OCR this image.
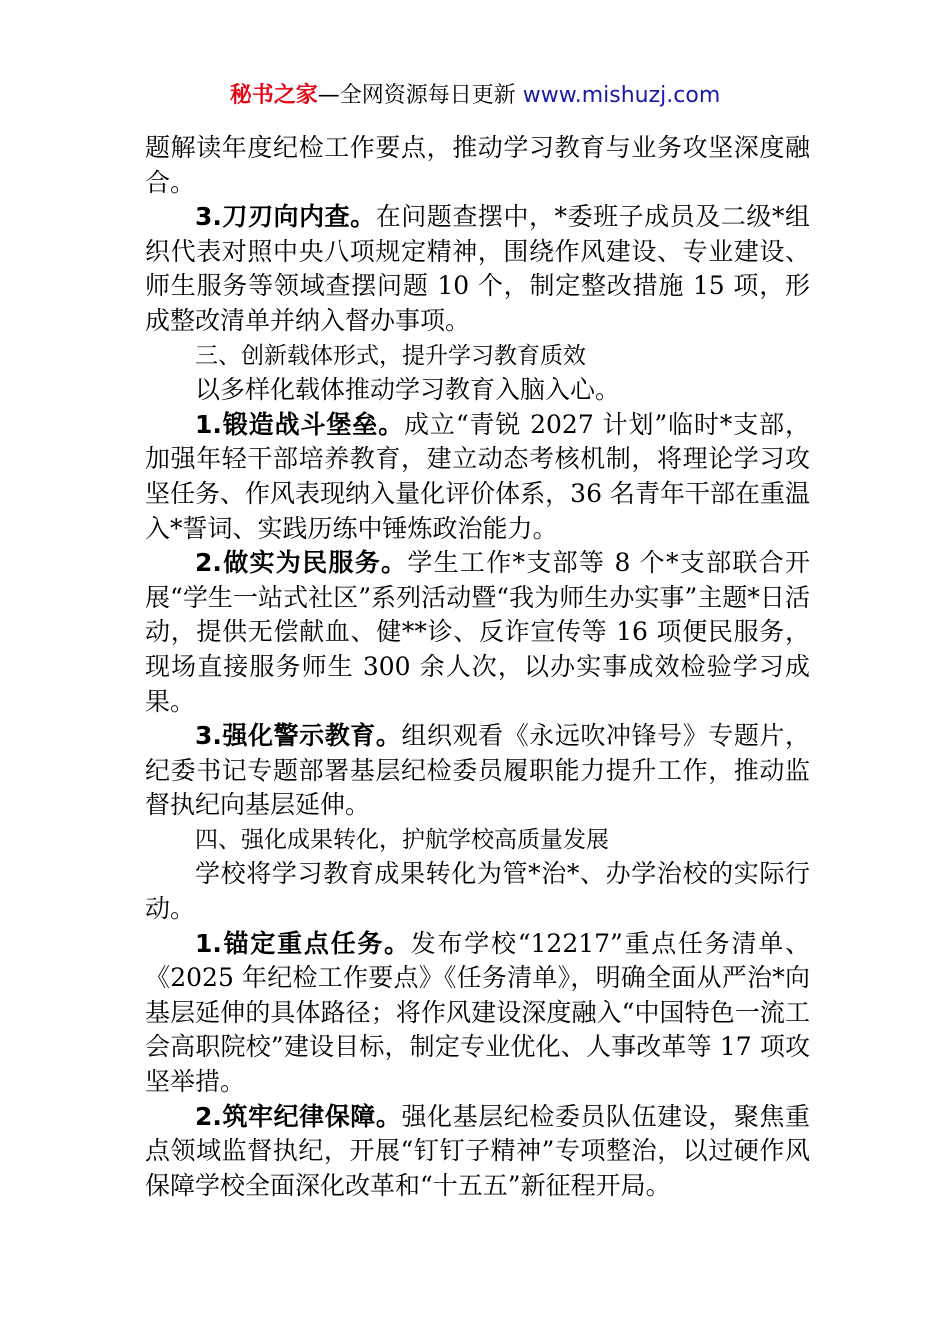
秘书之家—全网资源每日更新 www.mishuzj.com

题解读年度纪检工作要点，推动学习教育与业务攻坚深度融合。

3.刀刃向内查。在问题查摆中，*委班子成员及二级*组织代表对照中央八项规定精神，围绕作风建设、专业建设、师生服务等领域查摆问题 10 个，制定整改措施 15 项，形成整改清单并纳入督办事项。

三、创新载体形式，提升学习教育质效

以多样化载体推动学习教育入脑入心。

1.锻造战斗堡垒。成立“青锐 2027 计划”临时*支部，加强年轻干部培养教育，建立动态考核机制，将理论学习攻坚任务、作风表现纳入量化评价体系，36 名青年干部在重温入*誓词、实践历练中锤炼政治能力。

2.做实为民服务。学生工作*支部等 8 个*支部联合开展“学生一站式社区”系列活动暨“我为师生办实事”主题*日活动，提供无偿献血、健**诊、反诈宣传等 16 项便民服务，现场直接服务师生 300 余人次，以办实事成效检验学习成果。

3.强化警示教育。组织观看《永远吹冲锋号》专题片，纪委书记专题部署基层纪检委员履职能力提升工作，推动监督执纪向基层延伸。

四、强化成果转化，护航学校高质量发展

学校将学习教育成果转化为管*治*、办学治校的实际行动。

1.锚定重点任务。发布学校“12217”重点任务清单、《2025 年纪检工作要点》《任务清单》，明确全面从严治*向基层延伸的具体路径；将作风建设深度融入“中国特色一流工会高职院校”建设目标，制定专业优化、人事改革等 17 项攻坚举措。

2.筑牢纪律保障。强化基层纪检委员队伍建设，聚焦重点领域监督执纪，开展“钉钉子精神”专项整治，以过硬作风保障学校全面深化改革和“十五五”新征程开局。
